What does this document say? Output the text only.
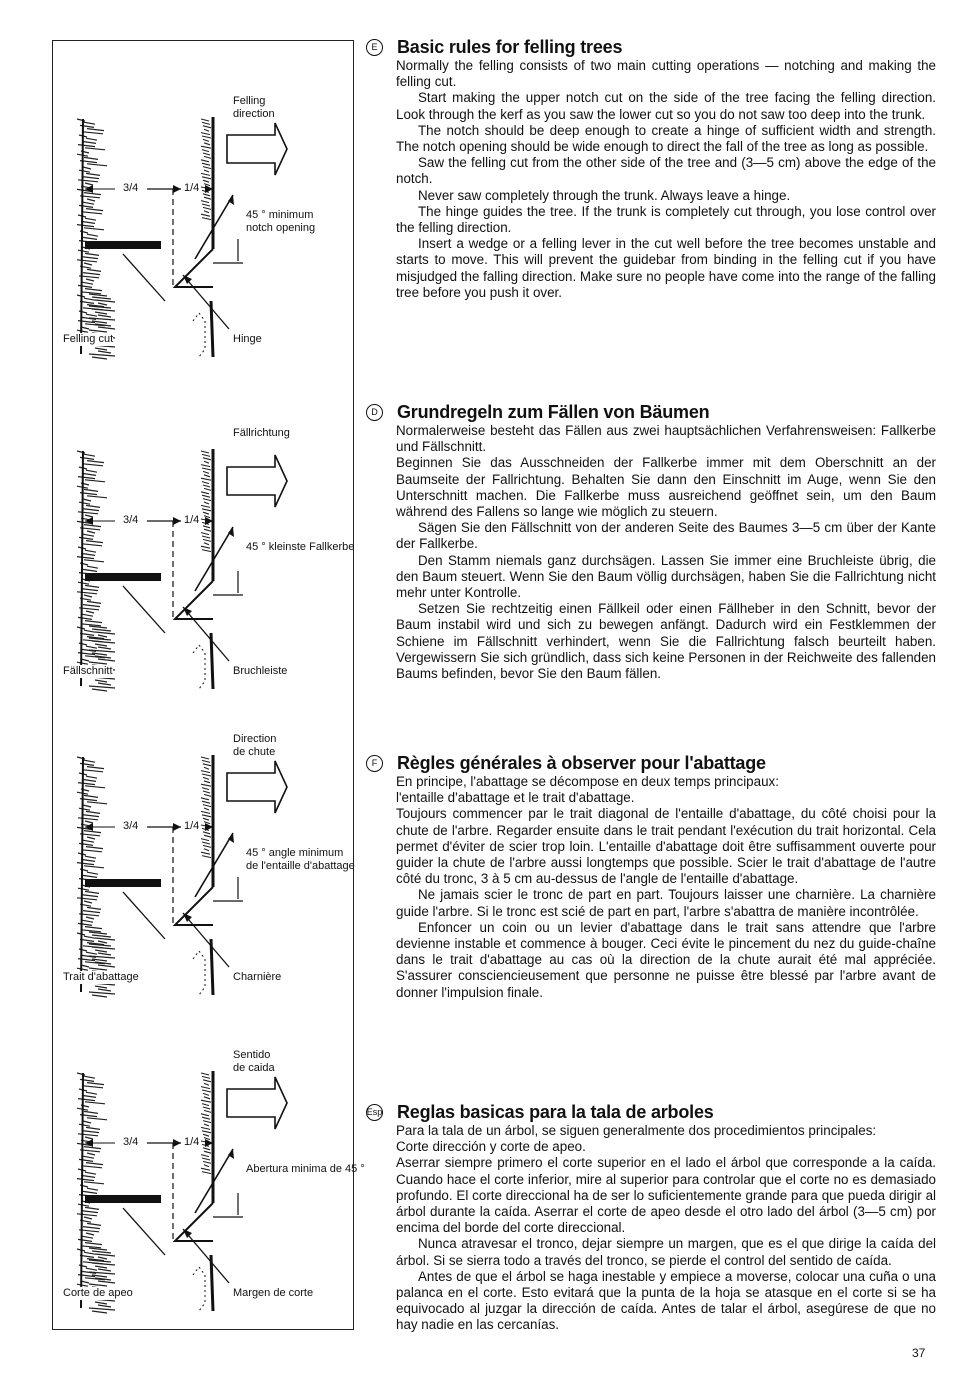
Felling
direction
3/4	1/4
45 ° minimum
notch opening
Felling cut	Hinge
Fällrichtung
3/4	1/4
45 ° kleinste Fallkerbe
Fällschnitt	Bruchleiste
Direction
de chute
3/4	1/4
45 ° angle minimum
de l'entaille d'abattage
Trait d'abattage	Charnière
Sentido
de caida
3/4	1/4
Abertura minima de 45 °
Corte de apeo	Margen de corte
E	Basic rules for felling trees

Normally the felling consists of two main cutting operations — notching and making the felling cut.

Start making the upper notch cut on the side of the tree facing the felling direction. Look through the kerf as you saw the lower cut so you do not saw too deep into the trunk.

The notch should be deep enough to create a hinge of sufficient width and strength. The notch opening should be wide enough to direct the fall of the tree as long as possible.

Saw the felling cut from the other side of the tree and (3—5 cm) above the edge of the notch.

Never saw completely through the trunk. Always leave a hinge.

The hinge guides the tree. If the trunk is completely cut through, you lose control over the felling direction.

Insert a wedge or a felling lever in the cut well before the tree becomes unstable and starts to move. This will prevent the guidebar from binding in the felling cut if you have misjudged the falling direction. Make sure no people have come into the range of the falling tree before you push it over.

D Grundregeln zum Fällen von Bäumen

Normalerweise besteht das Fällen aus zwei hauptsächlichen Verfahrensweisen: Fallkerbe und Fällschnitt.

Beginnen Sie das Ausschneiden der Fallkerbe immer mit dem Oberschnitt an der Baumseite der Fallrichtung. Behalten Sie dann den Einschnitt im Auge, wenn Sie den Unterschnitt machen. Die Fallkerbe muss ausreichend geöffnet sein, um den Baum während des Fallens so lange wie möglich zu steuern.

Sägen Sie den Fällschnitt von der anderen Seite des Baumes 3—5 cm über der Kante der Fallkerbe.

Den Stamm niemals ganz durchsägen. Lassen Sie immer eine Bruchleiste übrig, die den Baum steuert. Wenn Sie den Baum völlig durchsägen, haben Sie die Fallrichtung nicht mehr unter Kontrolle.

Setzen Sie rechtzeitig einen Fällkeil oder einen Fällheber in den Schnitt, bevor der Baum instabil wird und sich zu bewegen anfängt. Dadurch wird ein Festklemmen der Schiene im Fällschnitt verhindert, wenn Sie die Fallrichtung falsch beurteilt haben. Vergewissern Sie sich gründlich, dass sich keine Personen in der Reichweite des fallenden Baums befinden, bevor Sie den Baum fällen.

F	Règles générales à observer pour l'abattage

En principe, l'abattage se décompose en deux temps principaux:
l'entaille d'abattage et le trait d'abattage.

Toujours commencer par le trait diagonal de l'entaille d'abattage, du côté choisi pour la chute de l'arbre. Regarder ensuite dans le trait pendant l'exécution du trait horizontal. Cela permet d'éviter de scier trop loin. L'entaille d'abattage doit être suffisamment ouverte pour guider la chute de l'arbre aussi longtemps que possible. Scier le trait d'abattage de l'autre côté du tronc, 3 à 5 cm au-dessus de l'angle de l'entaille d'abattage.

Ne jamais scier le tronc de part en part. Toujours laisser une charnière. La charnière guide l'arbre. Si le tronc est scié de part en part, l'arbre s'abattra de manière incontrôlée.

Enfoncer un coin ou un levier d'abattage dans le trait sans attendre que l'arbre devienne instable et commence à bouger. Ceci évite le pincement du nez du guide-chaîne dans le trait d'abattage au cas où la direction de la chute aurait été mal appréciée. S'assurer consciencieusement que personne ne puisse être blessé par l'arbre avant de donner l'impulsion finale.

Esp Reglas basicas para la tala de arboles

Para la tala de un árbol, se siguen generalmente dos procedimientos principales:
Corte dirección y corte de apeo.

Aserrar siempre primero el corte superior en el lado el árbol que corresponde a la caída. Cuando hace el corte inferior, mire al superior para controlar que el corte no es demasiado profundo. El corte direccional ha de ser lo suficientemente grande para que pueda dirigir al árbol durante la caída. Aserrar el corte de apeo desde el otro lado del árbol (3—5 cm) por encima del borde del corte direccional.

Nunca atravesar el tronco, dejar siempre un margen, que es el que dirige la caída del árbol. Si se sierra todo a través del tronco, se pierde el control del sentido de caída.

Antes de que el árbol se haga inestable y empiece a moverse, colocar una cuña o una palanca en el corte. Esto evitará que la punta de la hoja se atasque en el corte si se ha equivocado al juzgar la dirección de caída. Antes de talar el árbol, asegúrese de que no hay nadie en las cercanías.

37
